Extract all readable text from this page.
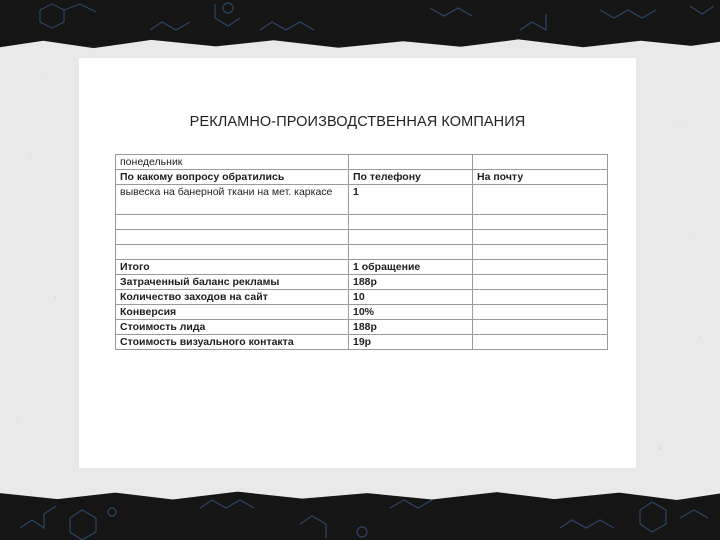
РЕКЛАМНО-ПРОИЗВОДСТВЕННАЯ КОМПАНИЯ
понедельник		
По какому вопросу обратились	По телефону	На почту
вывеска на банерной ткани на мет. каркасе	1	

Итого	1 обращение	
Затраченный баланс рекламы	188р	
Количество заходов на сайт	10	
Конверсия	10%	
Стоимость лида	188р	
Стоимость визуального контакта	19р	
